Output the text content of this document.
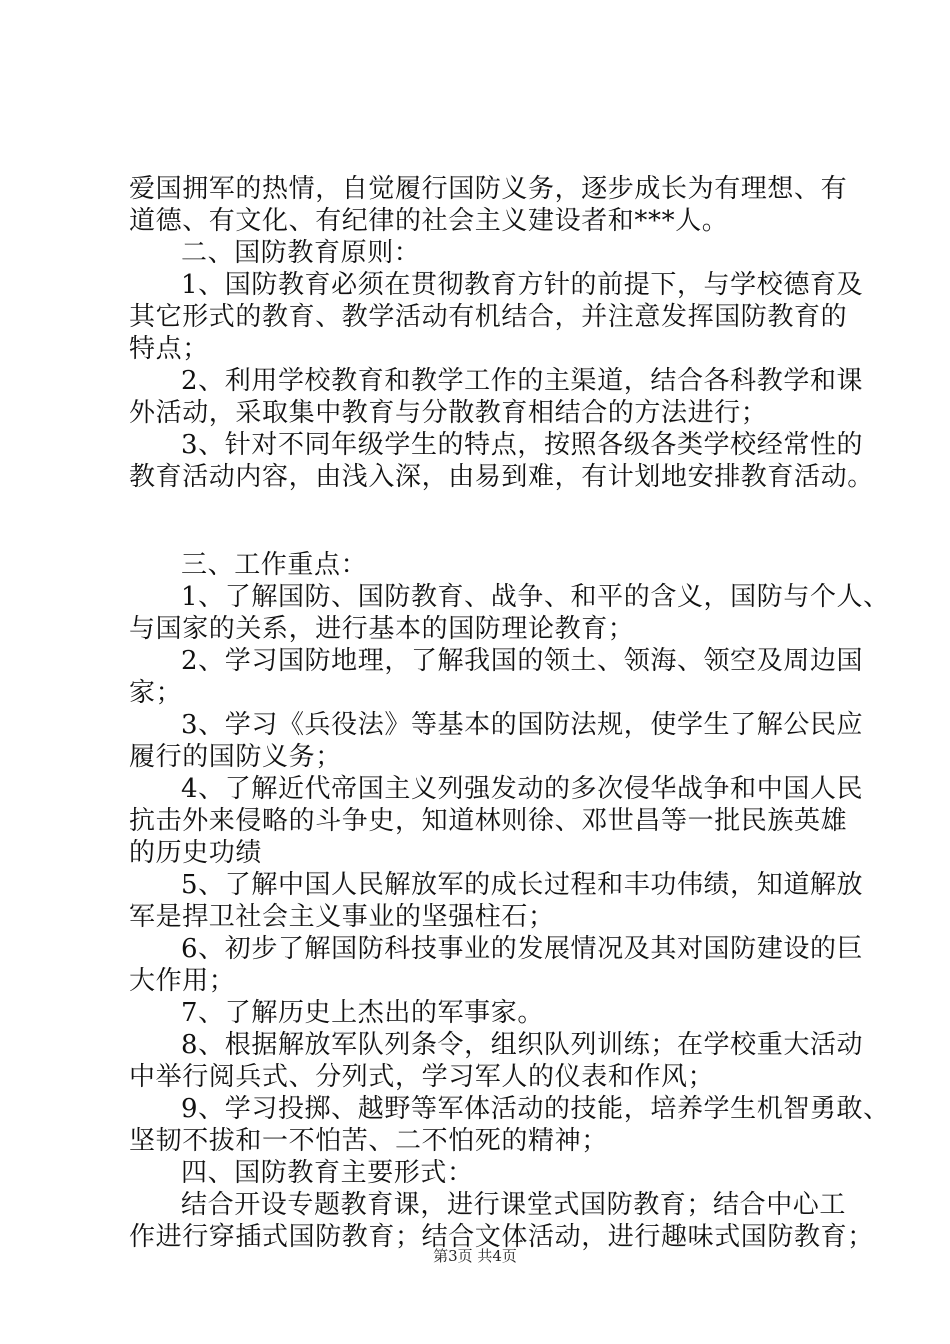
爱国拥军的热情，自觉履行国防义务，逐步成长为有理想、有
道德、有文化、有纪律的社会主义建设者和***人。
二、国防教育原则：
1、国防教育必须在贯彻教育方针的前提下，与学校德育及
其它形式的教育、教学活动有机结合，并注意发挥国防教育的
特点；
2、利用学校教育和教学工作的主渠道，结合各科教学和课
外活动，采取集中教育与分散教育相结合的方法进行；
3、针对不同年级学生的特点，按照各级各类学校经常性的
教育活动内容，由浅入深，由易到难，有计划地安排教育活动。
三、工作重点：
1、了解国防、国防教育、战争、和平的含义，国防与个人、
与国家的关系，进行基本的国防理论教育；
2、学习国防地理，了解我国的领土、领海、领空及周边国
家；
3、学习《兵役法》等基本的国防法规，使学生了解公民应
履行的国防义务；
4、了解近代帝国主义列强发动的多次侵华战争和中国人民
抗击外来侵略的斗争史，知道林则徐、邓世昌等一批民族英雄
的历史功绩
5、了解中国人民解放军的成长过程和丰功伟绩，知道解放
军是捍卫社会主义事业的坚强柱石；
6、初步了解国防科技事业的发展情况及其对国防建设的巨
大作用；
7、了解历史上杰出的军事家。
8、根据解放军队列条令，组织队列训练；在学校重大活动
中举行阅兵式、分列式，学习军人的仪表和作风；
9、学习投掷、越野等军体活动的技能，培养学生机智勇敢、
坚韧不拔和一不怕苦、二不怕死的精神；
四、国防教育主要形式：
结合开设专题教育课，进行课堂式国防教育；结合中心工
作进行穿插式国防教育；结合文体活动，进行趣味式国防教育；
第3页 共4页
